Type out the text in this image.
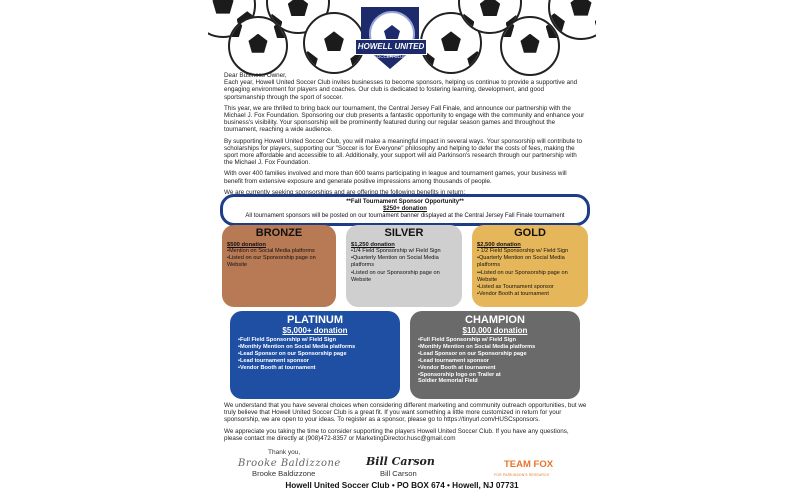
HOWELL UNITED
SOCCER CLUB

Dear Business Owner,
Each year, Howell United Soccer Club invites businesses to become sponsors, helping us continue to provide a supportive and engaging environment for players and coaches. Our club is dedicated to fostering learning, development, and good sportsmanship through the sport of soccer.

This year, we are thrilled to bring back our tournament, the Central Jersey Fall Finale, and announce our partnership with the Michael J. Fox Foundation. Sponsoring our club presents a fantastic opportunity to engage with the community and enhance your business's visibility. Your sponsorship will be prominently featured during our regular season games and throughout the tournament, reaching a wide audience.

By supporting Howell United Soccer Club, you will make a meaningful impact in several ways. Your sponsorship will contribute to scholarships for players, supporting our "Soccer is for Everyone" philosophy and helping to defer the costs of fees, making the sport more affordable and accessible to all. Additionally, your support will aid Parkinson's research through our partnership with the Michael J. Fox Foundation.

With over 400 families involved and more than 600 teams participating in league and tournament games, your business will benefit from extensive exposure and generate positive impressions among thousands of people.

We are currently seeking sponsorships and are offering the following benefits in return:

**Fall Tournament Sponsor Opportunity**
$250+ donation
All tournament sponsors will be posted on our tournament banner displayed at the Central Jersey Fall Finale tournament
BRONZE
$500 donation
•Mention on Social Media platforms
•Listed on our Sponsorship page on Website
SILVER
$1,250 donation
•1/4 Field Sponsorship w/ Field Sign
•Quarterly Mention on Social Media platforms
•Listed on our Sponsorship page on Website
GOLD
$2,500 donation
• 1/2 Field Sponsorship w/ Field Sign
•Quarterly Mention on Social Media platforms
••Listed on our Sponsorship page on Website
•Listed as Tournament sponsor
•Vendor Booth at tournament
PLATINUM
$5,000+ donation
•Full Field Sponsorship w/ Field Sign
•Monthly Mention on Social Media platforms
•Lead Sponsor on our Sponsorship page
•Lead tournament sponsor
•Vendor Booth at tournament
CHAMPION
$10,000 donation
•Full Field Sponsorship w/ Field Sign
•Monthly Mention on Social Media platforms
•Lead Sponsor on our Sponsorship page
•Lead tournament sponsor
•Vendor Booth at tournament
•Sponsorship logo on Trailer at
Soldier Memorial Field

We understand that you have several choices when considering different marketing and community outreach opportunities, but we truly believe that Howell United Soccer Club is a great fit. If you want something a little more customized in return for your sponsorship, we are open to your ideas. To register as a sponsor, please go to https://tinyurl.com/HUSCsponsors.

We appreciate you taking the time to consider supporting the players Howell United Soccer Club. If you have any questions, please contact me directly at (908)472-8357 or MarketingDirector.husc@gmail.com

Thank you,
Brooke Baldizzone
Brooke Baldizzone
Bill Carson
Bill Carson
TEAM FOX
FOR PARKINSON'S RESEARCH
Howell United Soccer Club • PO BOX 674 • Howell, NJ 07731
